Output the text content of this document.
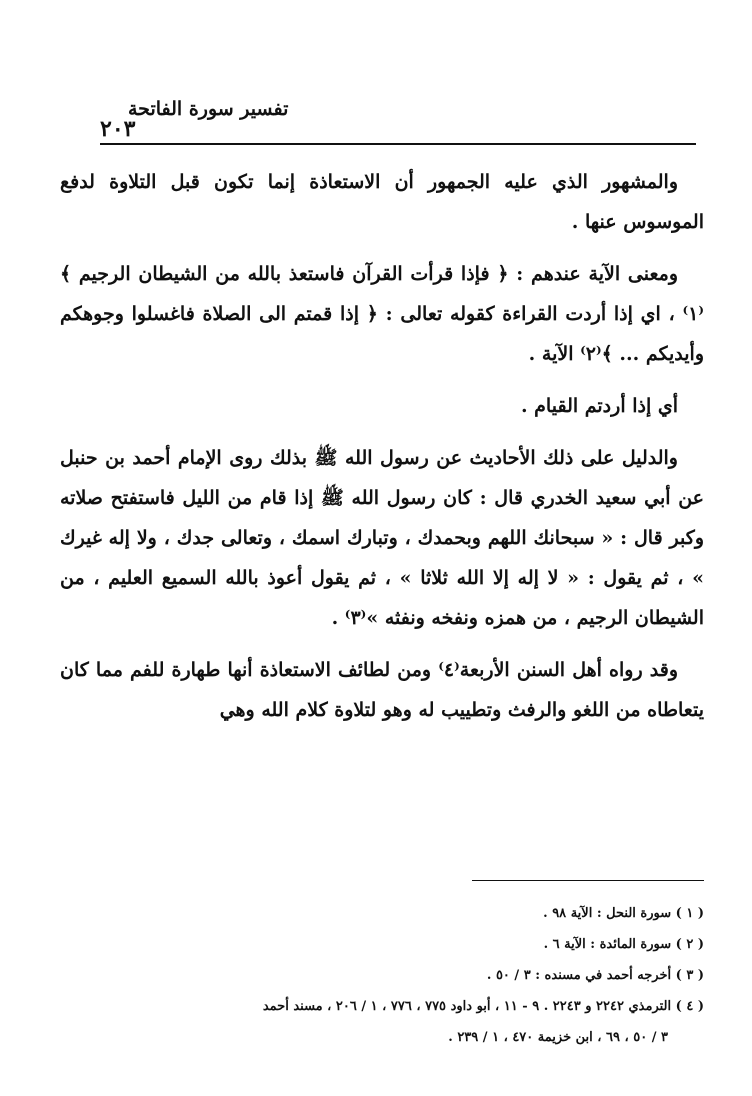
تفسير سورة الفاتحة
٢٠٣

والمشهور الذي عليه الجمهور أن الاستعاذة إنما تكون قبل التلاوة لدفع الموسوس عنها .

ومعنى الآية عندهم : ﴿ فإذا قرأت القرآن فاستعذ بالله من الشيطان الرجيم ﴾⁽١⁾ ، اي إذا أردت القراءة كقوله تعالى : ﴿ إذا قمتم الى الصلاة فاغسلوا وجوهكم وأيديكم ... ﴾⁽٢⁾ الآية .

أي إذا أردتم القيام .

والدليل على ذلك الأحاديث عن رسول الله ﷺ بذلك روى الإمام أحمد بن حنبل عن أبي سعيد الخدري قال : كان رسول الله ﷺ إذا قام من الليل فاستفتح صلاته وكبر قال : « سبحانك اللهم وبحمدك ، وتبارك اسمك ، وتعالى جدك ، ولا إله غيرك » ، ثم يقول : « لا إله إلا الله ثلاثا » ، ثم يقول أعوذ بالله السميع العليم ، من الشيطان الرجيم ، من همزه ونفخه ونفثه »⁽٣⁾ .

وقد رواه أهل السنن الأربعة⁽٤⁾ ومن لطائف الاستعاذة أنها طهارة للفم مما كان يتعاطاه من اللغو والرفث وتطييب له وهو لتلاوة كلام الله وهي

( ١ ) سورة النحل : الآية ٩٨ .

( ٢ ) سورة المائدة : الآية ٦ .

( ٣ ) أخرجه أحمد في مسنده : ٣ / ٥٠ .

( ٤ ) الترمذي ٢٢٤٢ و ٢٢٤٣ . ٩ - ١١ ، أبو داود ٧٧٥ ، ٧٧٦ ، ١ / ٢٠٦ ، مسند أحمد

٣ / ٥٠ ، ٦٩ ، ابن خزيمة ٤٧٠ ، ١ / ٢٣٩ .
